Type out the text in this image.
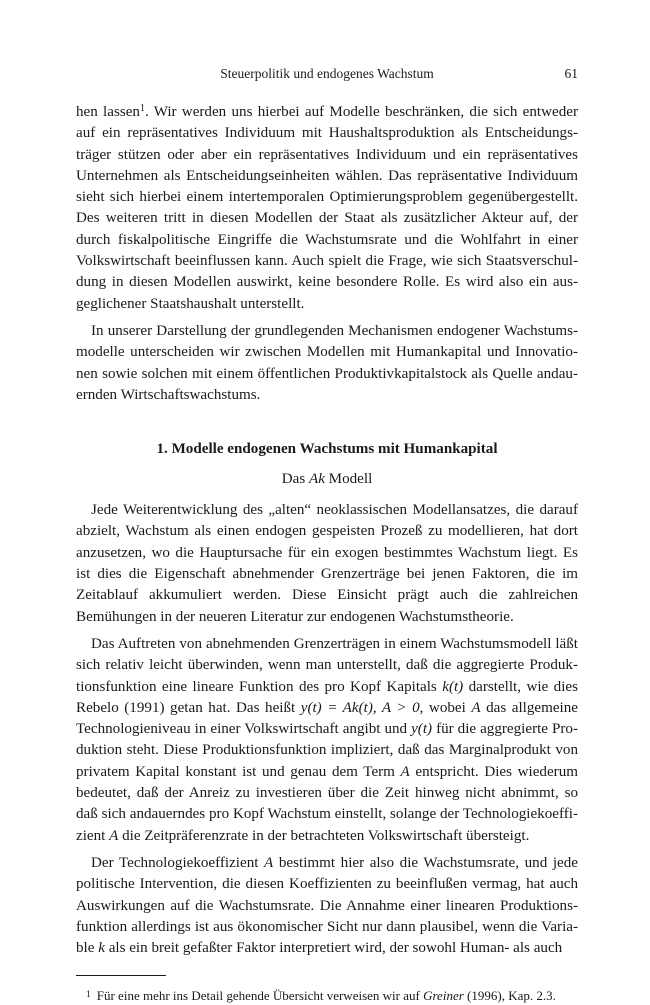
Steuerpolitik und endogenes Wachstum	61

hen lassen$^1$. Wir werden uns hierbei auf Modelle beschränken, die sich entweder auf ein repräsentatives Individuum mit Haushaltsproduktion als Entscheidungsträger stützen oder aber ein repräsentatives Individuum und ein repräsentatives Unternehmen als Entscheidungseinheiten wählen. Das repräsentative Individuum sieht sich hierbei einem intertemporalen Optimierungsproblem gegenübergestellt. Des weiteren tritt in diesen Modellen der Staat als zusätzlicher Akteur auf, der durch fiskalpolitische Eingriffe die Wachstumsrate und die Wohlfahrt in einer Volkswirtschaft beeinflussen kann. Auch spielt die Frage, wie sich Staatsverschuldung in diesen Modellen auswirkt, keine besondere Rolle. Es wird also ein ausgeglichener Staatshaushalt unterstellt.

In unserer Darstellung der grundlegenden Mechanismen endogener Wachstumsmodelle unterscheiden wir zwischen Modellen mit Humankapital und Innovationen sowie solchen mit einem öffentlichen Produktivkapitalstock als Quelle andauernden Wirtschaftswachstums.

1. Modelle endogenen Wachstums mit Humankapital
Das Ak Modell

Jede Weiterentwicklung des „alten“ neoklassischen Modellansatzes, die darauf abzielt, Wachstum als einen endogen gespeisten Prozeß zu modellieren, hat dort anzusetzen, wo die Hauptursache für ein exogen bestimmtes Wachstum liegt. Es ist dies die Eigenschaft abnehmender Grenzerträge bei jenen Faktoren, die im Zeitablauf akkumuliert werden. Diese Einsicht prägt auch die zahlreichen Bemühungen in der neueren Literatur zur endogenen Wachstumstheorie.

Das Auftreten von abnehmenden Grenzerträgen in einem Wachstumsmodell läßt sich relativ leicht überwinden, wenn man unterstellt, daß die aggregierte Produktionsfunktion eine lineare Funktion des pro Kopf Kapitals k(t) darstellt, wie dies Rebelo (1991) getan hat. Das heißt y(t) = Ak(t), A > 0, wobei A das allgemeine Technologieniveau in einer Volkswirtschaft angibt und y(t) für die aggregierte Produktion steht. Diese Produktionsfunktion impliziert, daß das Marginalprodukt von privatem Kapital konstant ist und genau dem Term A entspricht. Dies wiederum bedeutet, daß der Anreiz zu investieren über die Zeit hinweg nicht abnimmt, so daß sich andauerndes pro Kopf Wachstum einstellt, solange der Technologiekoeffizient A die Zeitpräferenzrate in der betrachteten Volkswirtschaft übersteigt.

Der Technologiekoeffizient A bestimmt hier also die Wachstumsrate, und jede politische Intervention, die diesen Koeffizienten zu beeinflußen vermag, hat auch Auswirkungen auf die Wachstumsrate. Die Annahme einer linearen Produktionsfunktion allerdings ist aus ökonomischer Sicht nur dann plausibel, wenn die Variable k als ein breit gefaßter Faktor interpretiert wird, der sowohl Human- als auch

$^1$ Für eine mehr ins Detail gehende Übersicht verweisen wir auf Greiner (1996), Kap. 2.3.
